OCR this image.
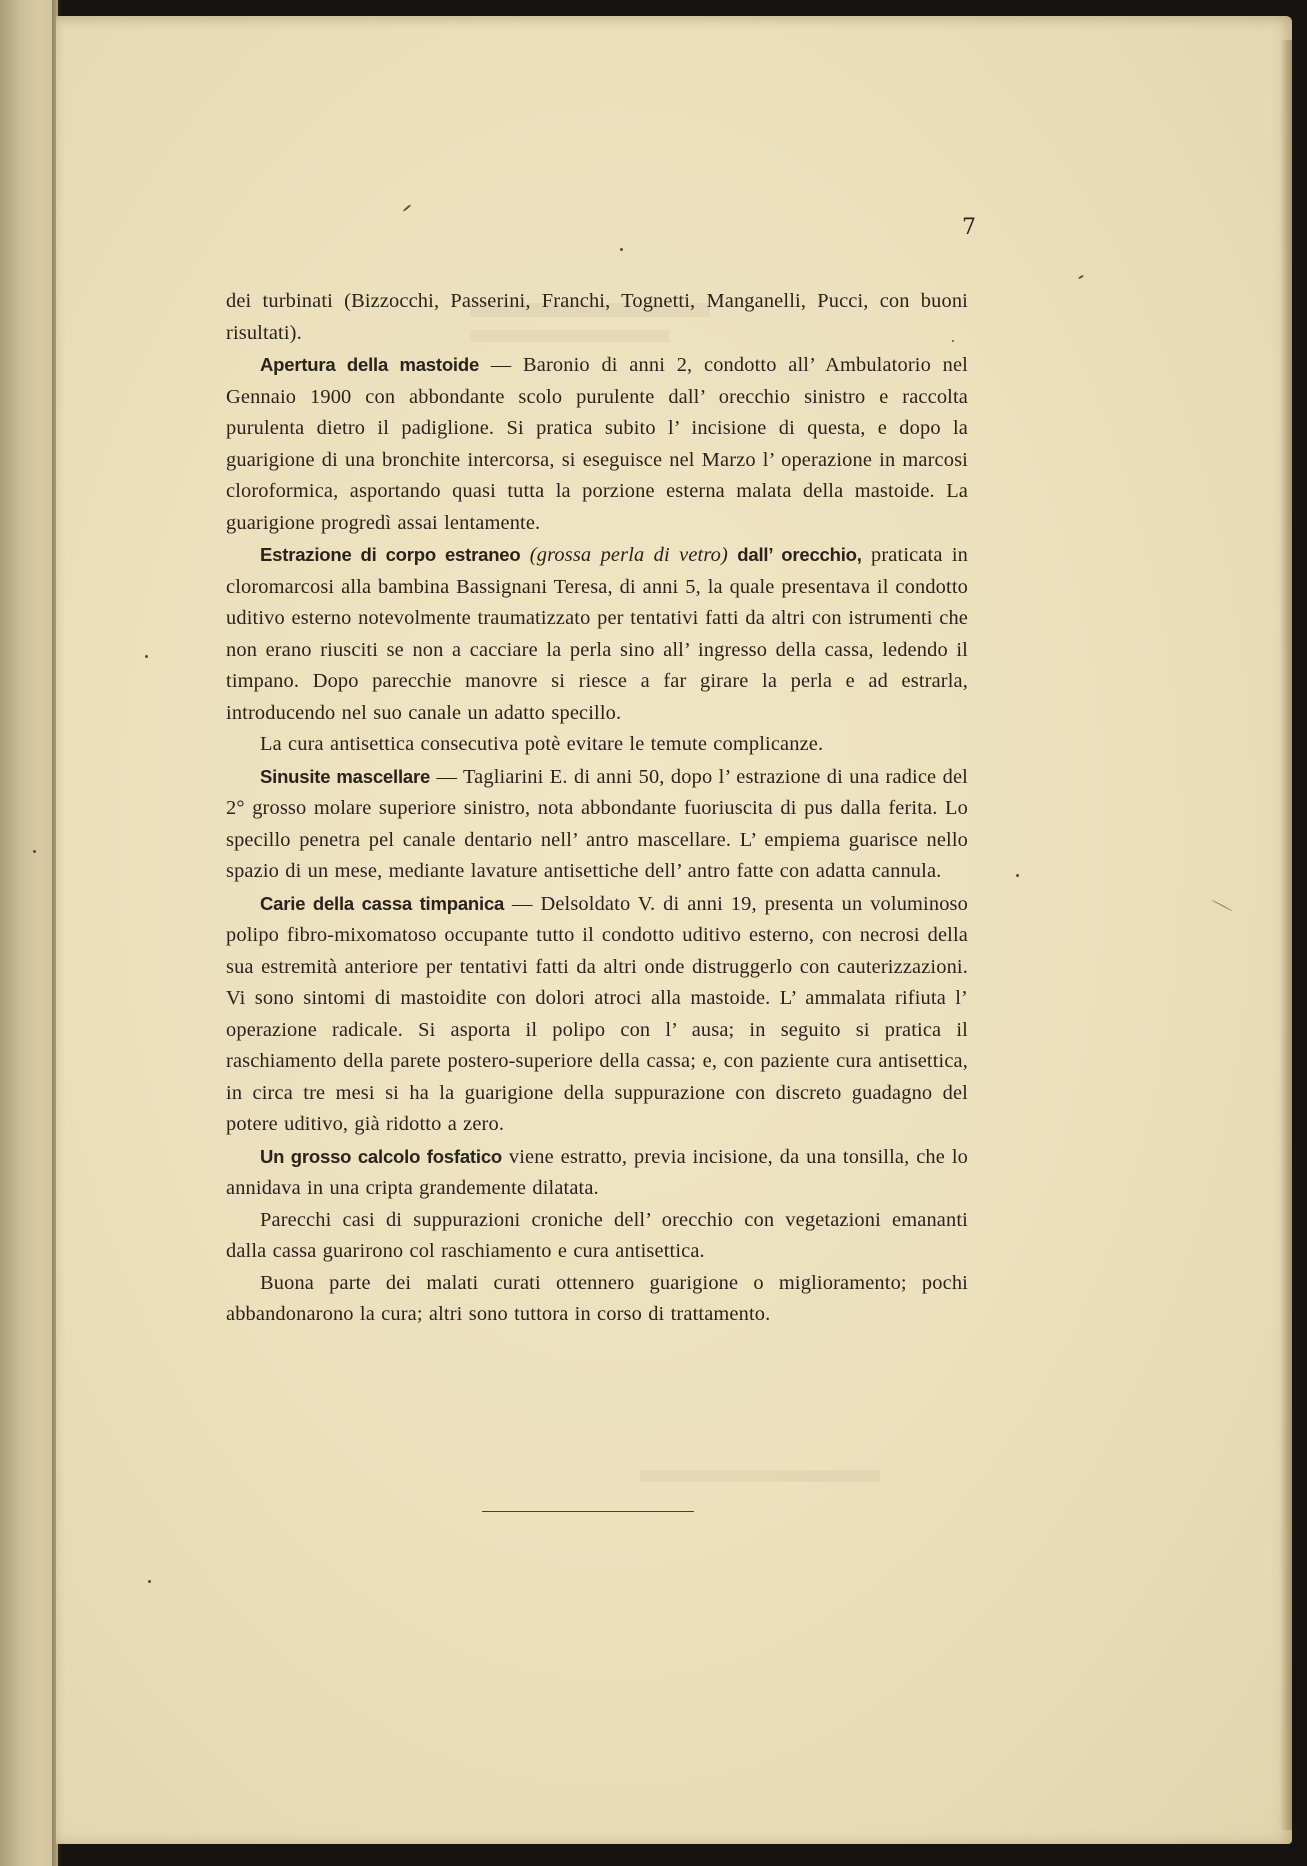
7

dei turbinati (Bizzocchi, Passerini, Franchi, Tognetti, Manganelli, Pucci, con buoni risultati).

Apertura della mastoide — Baronio di anni 2, condotto all’ Ambulatorio nel Gennaio 1900 con abbondante scolo purulente dall’ orecchio sinistro e raccolta purulenta dietro il padiglione. Si pratica subito l’ incisione di questa, e dopo la guarigione di una bronchite intercorsa, si eseguisce nel Marzo l’ operazione in marcosi cloroformica, asportando quasi tutta la porzione esterna malata della mastoide. La guarigione progredì assai lentamente.

Estrazione di corpo estraneo (grossa perla di vetro) dall’ orecchio, praticata in cloromarcosi alla bambina Bassignani Teresa, di anni 5, la quale presentava il condotto uditivo esterno notevolmente traumatizzato per tentativi fatti da altri con istrumenti che non erano riusciti se non a cacciare la perla sino all’ ingresso della cassa, ledendo il timpano. Dopo parecchie manovre si riesce a far girare la perla e ad estrarla, introducendo nel suo canale un adatto specillo.

La cura antisettica consecutiva potè evitare le temute complicanze.

Sinusite mascellare — Tagliarini E. di anni 50, dopo l’ estrazione di una radice del 2° grosso molare superiore sinistro, nota abbondante fuoriuscita di pus dalla ferita. Lo specillo penetra pel canale dentario nell’ antro mascellare. L’ empiema guarisce nello spazio di un mese, mediante lavature antisettiche dell’ antro fatte con adatta cannula.

Carie della cassa timpanica — Delsoldato V. di anni 19, presenta un voluminoso polipo fibro-mixomatoso occupante tutto il condotto uditivo esterno, con necrosi della sua estremità anteriore per tentativi fatti da altri onde distruggerlo con cauterizzazioni. Vi sono sintomi di mastoidite con dolori atroci alla mastoide. L’ ammalata rifiuta l’ operazione radicale. Si asporta il polipo con l’ ausa; in seguito si pratica il raschiamento della parete postero-superiore della cassa; e, con paziente cura antisettica, in circa tre mesi si ha la guarigione della suppurazione con discreto guadagno del potere uditivo, già ridotto a zero.

Un grosso calcolo fosfatico viene estratto, previa incisione, da una tonsilla, che lo annidava in una cripta grandemente dilatata.

Parecchi casi di suppurazioni croniche dell’ orecchio con vegetazioni emananti dalla cassa guarirono col raschiamento e cura antisettica.

Buona parte dei malati curati ottennero guarigione o miglioramento; pochi abbandonarono la cura; altri sono tuttora in corso di trattamento.
